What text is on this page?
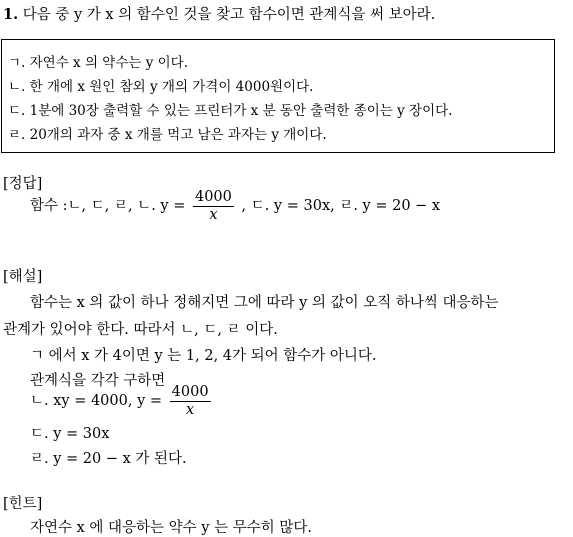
1. 다음 중 y 가 x 의 함수인 것을 찾고 함수이면 관계식을 써 보아라.
ㄱ. 자연수 x 의 약수는 y 이다.
ㄴ. 한 개에 x 원인 참외 y 개의 가격이 4000원이다.
ㄷ. 1분에 30장 출력할 수 있는 프린터가 x 분 동안 출력한 종이는 y 장이다.
ㄹ. 20개의 과자 중 x 개를 먹고 남은 과자는 y 개이다.
[정답]
함수 :ㄴ, ㄷ, ㄹ, ㄴ. $y = \frac{4000}{x}$ , ㄷ. y = 30x, ㄹ. y = 20 − x
[해설]
함수는 x 의 값이 하나 정해지면 그에 따라 y 의 값이 오직 하나씩 대응하는
관계가 있어야 한다. 따라서 ㄴ, ㄷ, ㄹ 이다.
ㄱ 에서 x 가 4이면 y 는 1, 2, 4가 되어 함수가 아니다.
관계식을 각각 구하면
ㄴ. xy = 4000, $y = \frac{4000}{x}$
ㄷ. y = 30x
ㄹ. y = 20 − x 가 된다.
[힌트]
자연수 x 에 대응하는 약수 y 는 무수히 많다.
